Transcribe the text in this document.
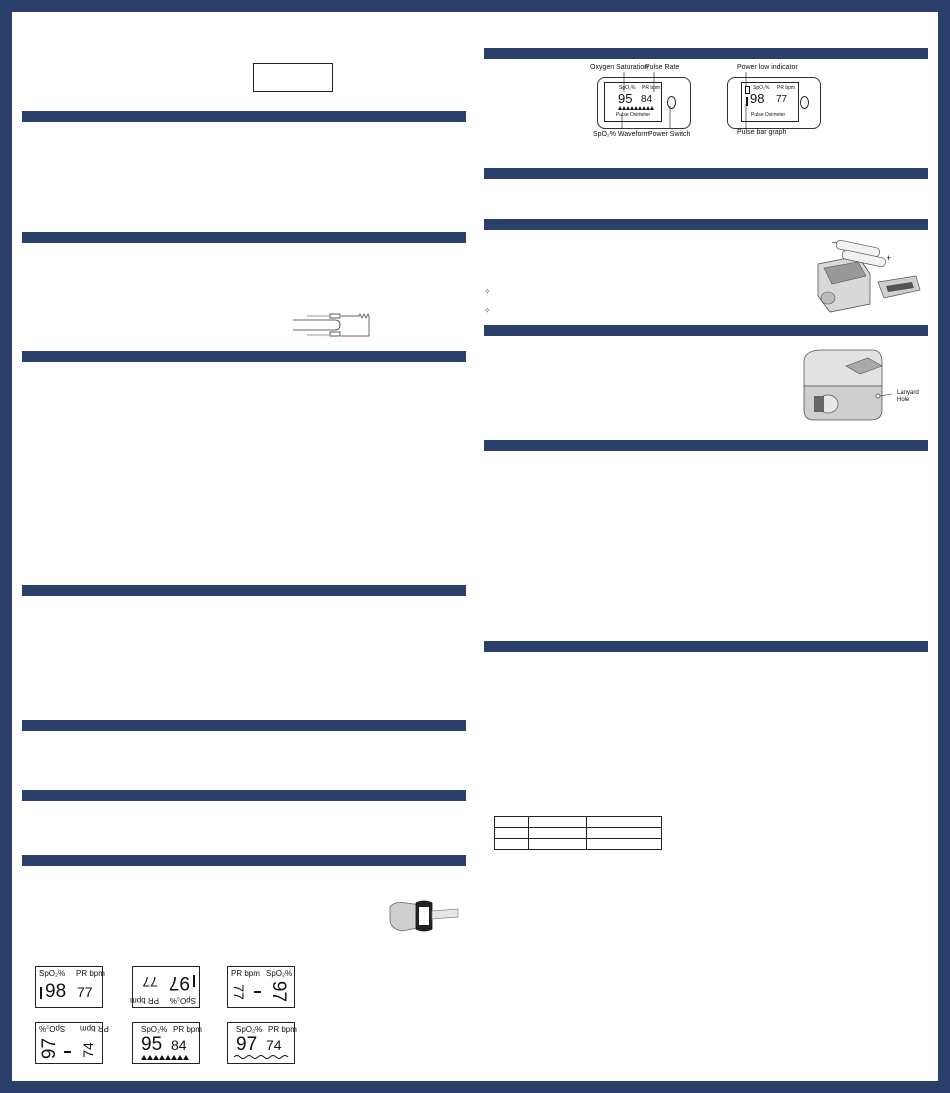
SpO₂% PR bpm
98 77
SpO₂%
PR bpm
97
77
PR bpm SpO₂%
77 97
SpO₂% PR bpm
97 74
SpO₂% PR bpm
95 84
SpO₂% PR bpm
97 74
Oxygen Saturation
Pulse Rate
SpO₂% PR bpm
95 84
Pulse Oximeter
SpO₂% Waveform
Power Switch
Power low indicator
SpO₂% PR bpm
98 77
Pulse Oximeter
Pulse bar graph
–
+
✧
✧
Lanyard
Hole
